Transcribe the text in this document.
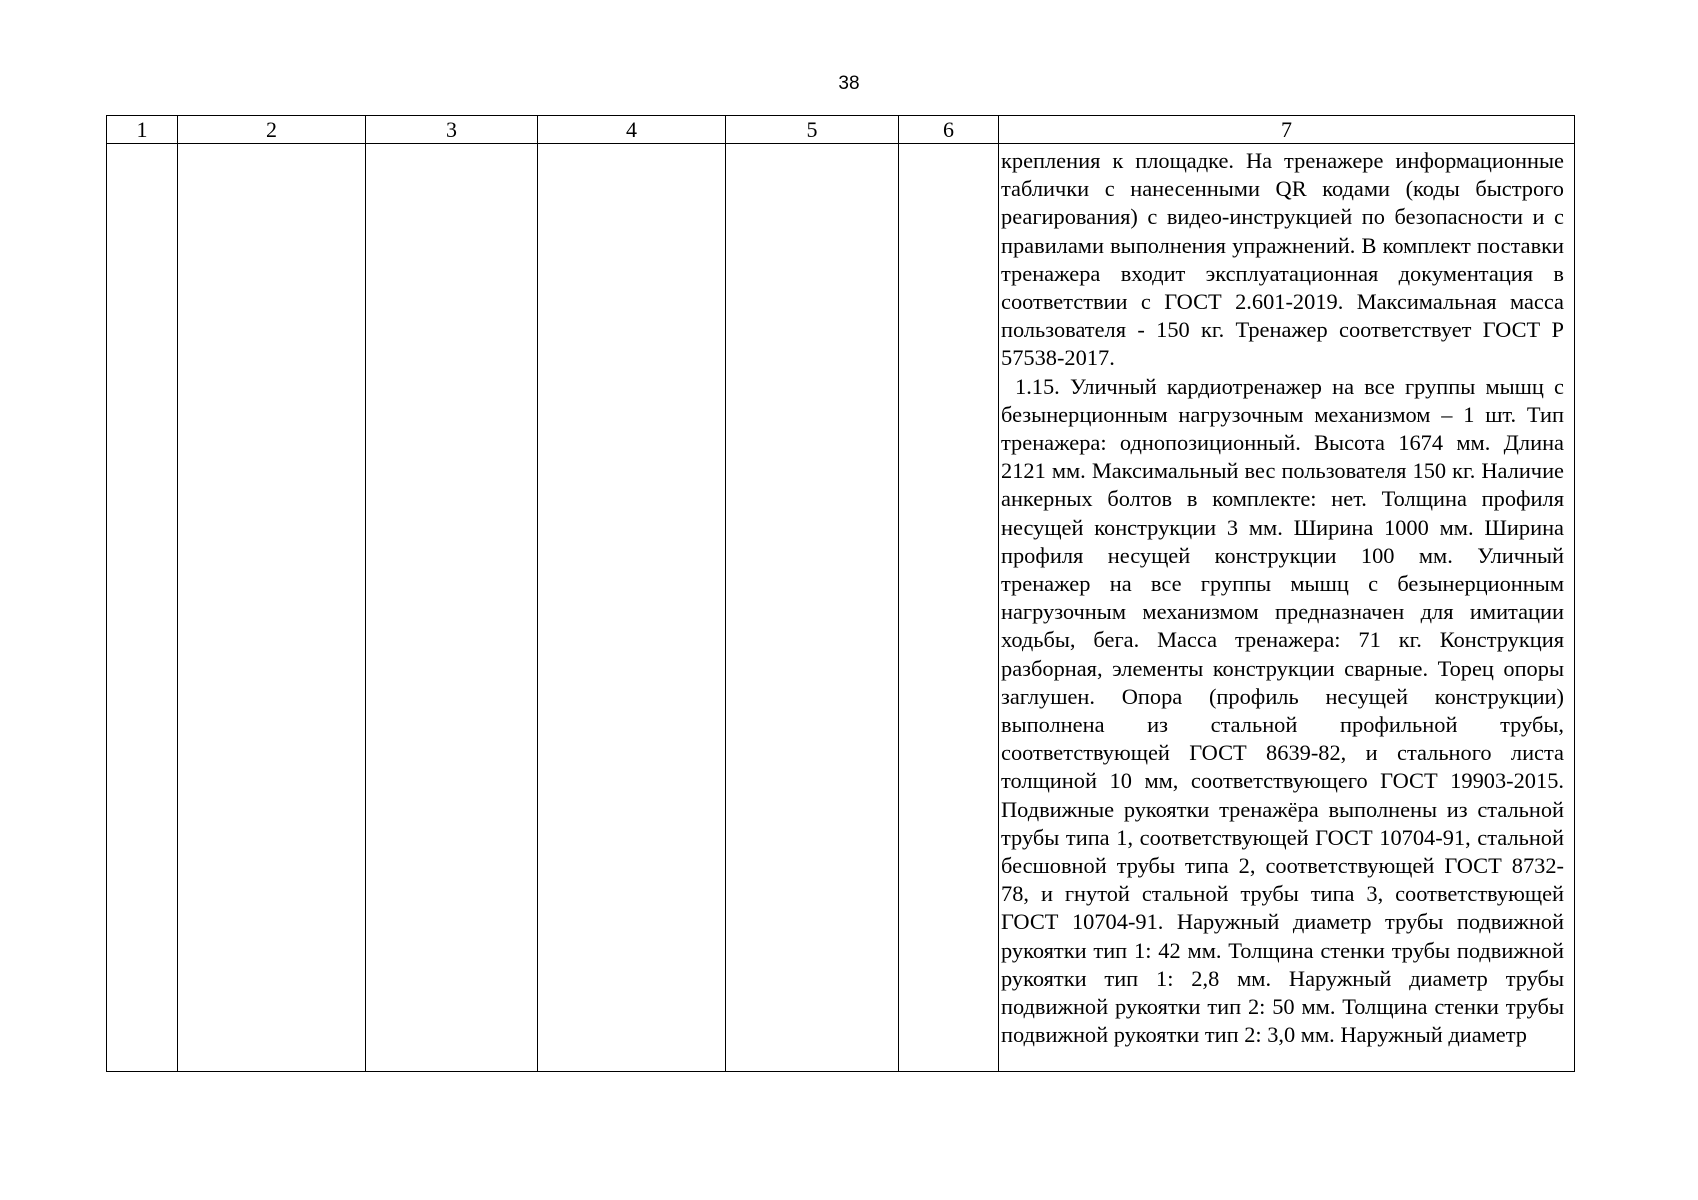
38
1	2	3	4	5	6	7

						крепления к площадке. На тренажере информационные таблички с нанесенными QR кодами (коды быстрого реагирования) с видео-инструкцией по безопасности и с правилами выполнения упражнений. В комплект поставки тренажера входит эксплуатационная документация в соответствии с ГОСТ 2.601-2019. Максимальная масса пользователя - 150 кг. Тренажер соответствует ГОСТ Р 57538-2017.

1.15. Уличный кардиотренажер на все группы мышц с безынерционным нагрузочным механизмом – 1 шт. Тип тренажера: однопозиционный. Высота 1674 мм. Длина 2121 мм. Максимальный вес пользователя 150 кг. Наличие анкерных болтов в комплекте: нет. Толщина профиля несущей конструкции 3 мм. Ширина 1000 мм. Ширина профиля несущей конструкции 100 мм. Уличный тренажер на все группы мышц с безынерционным нагрузочным механизмом предназначен для имитации ходьбы, бега. Масса тренажера: 71 кг. Конструкция разборная, элементы конструкции сварные. Торец опоры заглушен. Опора (профиль несущей конструкции) выполнена из стальной профильной трубы, соответствующей ГОСТ 8639-82, и стального листа толщиной 10 мм, соответствующего ГОСТ 19903-2015. Подвижные рукоятки тренажёра выполнены из стальной трубы типа 1, соответствующей ГОСТ 10704-91, стальной бесшовной трубы типа 2, соответствующей ГОСТ 8732-78, и гнутой стальной трубы типа 3, соответствующей ГОСТ 10704-91. Наружный диаметр трубы подвижной рукоятки тип 1: 42 мм. Толщина стенки трубы подвижной рукоятки тип 1: 2,8 мм. Наружный диаметр трубы подвижной рукоятки тип 2: 50 мм. Толщина стенки трубы подвижной рукоятки тип 2: 3,0 мм. Наружный диаметр
